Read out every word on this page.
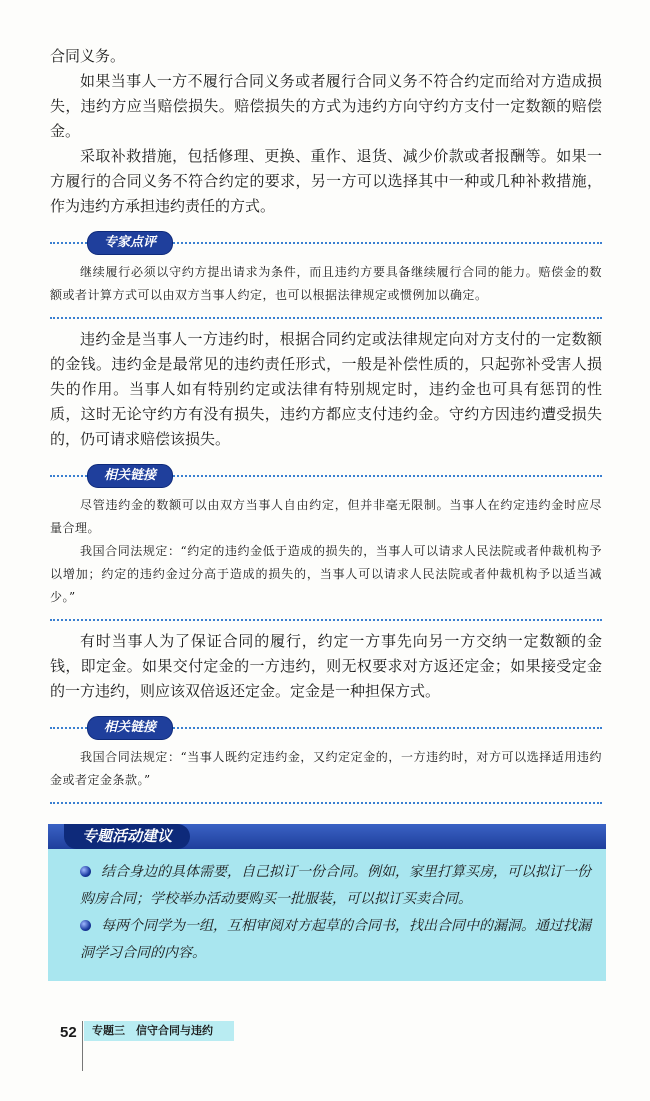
合同义务。

如果当事人一方不履行合同义务或者履行合同义务不符合约定而给对方造成损失，违约方应当赔偿损失。赔偿损失的方式为违约方向守约方支付一定数额的赔偿金。

采取补救措施，包括修理、更换、重作、退货、减少价款或者报酬等。如果一方履行的合同义务不符合约定的要求，另一方可以选择其中一种或几种补救措施，作为违约方承担违约责任的方式。

专家点评

继续履行必须以守约方提出请求为条件，而且违约方要具备继续履行合同的能力。赔偿金的数额或者计算方式可以由双方当事人约定，也可以根据法律规定或惯例加以确定。

违约金是当事人一方违约时，根据合同约定或法律规定向对方支付的一定数额的金钱。违约金是最常见的违约责任形式，一般是补偿性质的，只起弥补受害人损失的作用。当事人如有特别约定或法律有特别规定时，违约金也可具有惩罚的性质，这时无论守约方有没有损失，违约方都应支付违约金。守约方因违约遭受损失的，仍可请求赔偿该损失。

相关链接

尽管违约金的数额可以由双方当事人自由约定，但并非毫无限制。当事人在约定违约金时应尽量合理。

我国合同法规定：“约定的违约金低于造成的损失的，当事人可以请求人民法院或者仲裁机构予以增加；约定的违约金过分高于造成的损失的，当事人可以请求人民法院或者仲裁机构予以适当减少。”

有时当事人为了保证合同的履行，约定一方事先向另一方交纳一定数额的金钱，即定金。如果交付定金的一方违约，则无权要求对方返还定金；如果接受定金的一方违约，则应该双倍返还定金。定金是一种担保方式。

相关链接

我国合同法规定：“当事人既约定违约金，又约定定金的，一方违约时，对方可以选择适用违约金或者定金条款。”

专题活动建议

结合身边的具体需要，自己拟订一份合同。例如，家里打算买房，可以拟订一份购房合同；学校举办活动要购买一批服装，可以拟订买卖合同。

每两个同学为一组，互相审阅对方起草的合同书，找出合同中的漏洞。通过找漏洞学习合同的内容。

52	专题三　信守合同与违约
